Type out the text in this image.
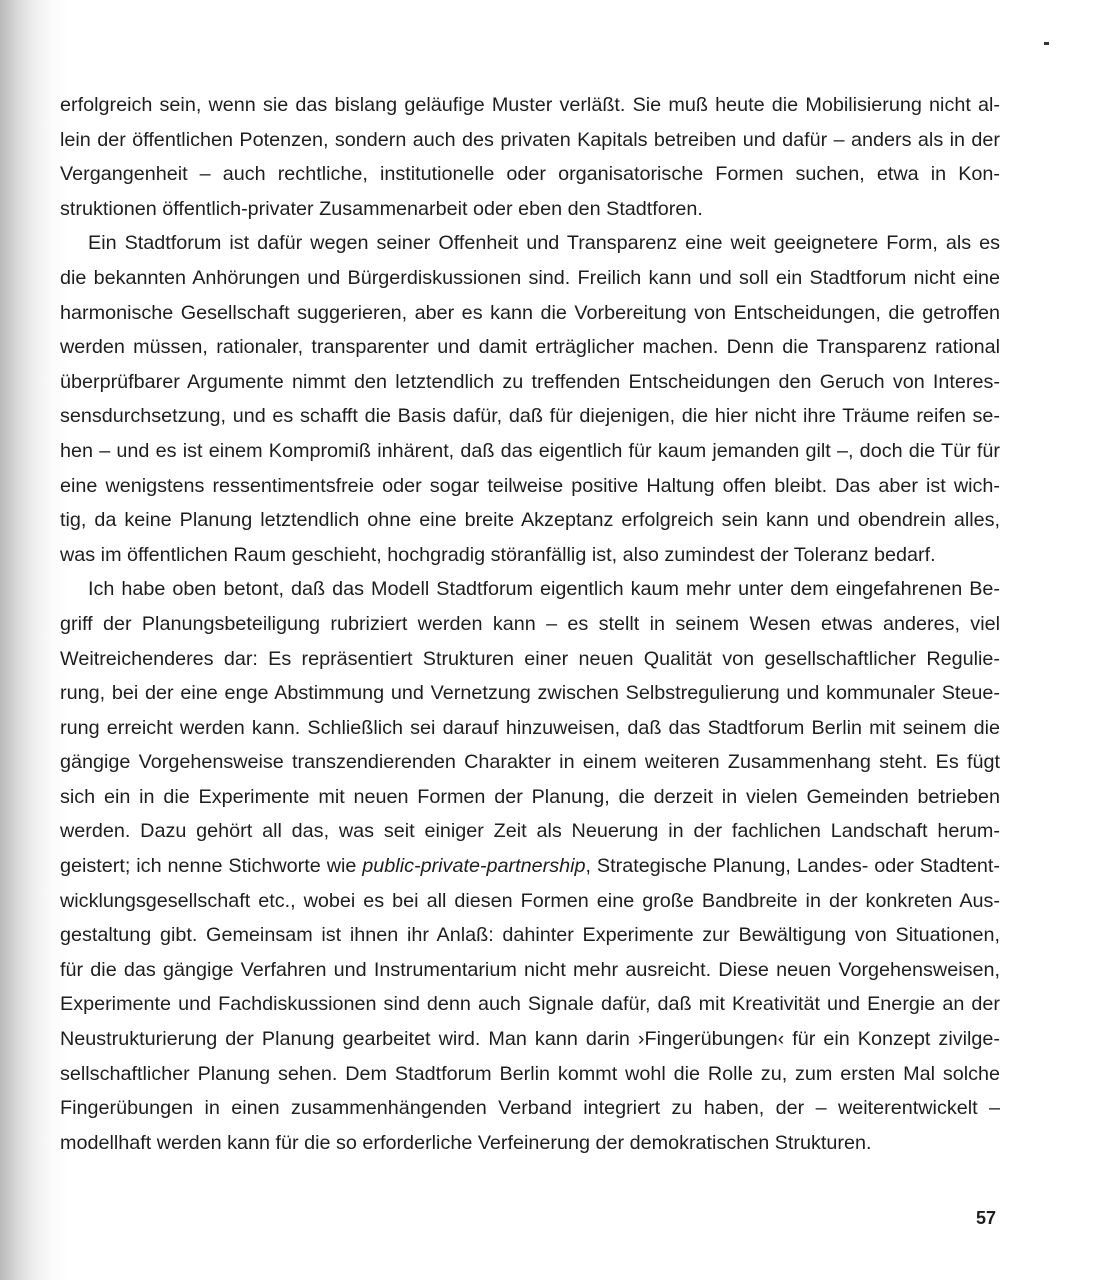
erfolgreich sein, wenn sie das bislang geläufige Muster verläßt. Sie muß heute die Mobilisierung nicht al-
lein der öffentlichen Potenzen, sondern auch des privaten Kapitals betreiben und dafür – anders als in der
Vergangenheit – auch rechtliche, institutionelle oder organisatorische Formen suchen, etwa in Kon-
struktionen öffentlich-privater Zusammenarbeit oder eben den Stadtforen.
Ein Stadtforum ist dafür wegen seiner Offenheit und Transparenz eine weit geeignetere Form, als es
die bekannten Anhörungen und Bürgerdiskussionen sind. Freilich kann und soll ein Stadtforum nicht eine
harmonische Gesellschaft suggerieren, aber es kann die Vorbereitung von Entscheidungen, die getroffen
werden müssen, rationaler, transparenter und damit erträglicher machen. Denn die Transparenz rational
überprüfbarer Argumente nimmt den letztendlich zu treffenden Entscheidungen den Geruch von Interes-
sensdurchsetzung, und es schafft die Basis dafür, daß für diejenigen, die hier nicht ihre Träume reifen se-
hen – und es ist einem Kompromiß inhärent, daß das eigentlich für kaum jemanden gilt –, doch die Tür für
eine wenigstens ressentimentsfreie oder sogar teilweise positive Haltung offen bleibt. Das aber ist wich-
tig, da keine Planung letztendlich ohne eine breite Akzeptanz erfolgreich sein kann und obendrein alles,
was im öffentlichen Raum geschieht, hochgradig störanfällig ist, also zumindest der Toleranz bedarf.
Ich habe oben betont, daß das Modell Stadtforum eigentlich kaum mehr unter dem eingefahrenen Be-
griff der Planungsbeteiligung rubriziert werden kann – es stellt in seinem Wesen etwas anderes, viel
Weitreichenderes dar: Es repräsentiert Strukturen einer neuen Qualität von gesellschaftlicher Regulie-
rung, bei der eine enge Abstimmung und Vernetzung zwischen Selbstregulierung und kommunaler Steue-
rung erreicht werden kann. Schließlich sei darauf hinzuweisen, daß das Stadtforum Berlin mit seinem die
gängige Vorgehensweise transzendierenden Charakter in einem weiteren Zusammenhang steht. Es fügt
sich ein in die Experimente mit neuen Formen der Planung, die derzeit in vielen Gemeinden betrieben
werden. Dazu gehört all das, was seit einiger Zeit als Neuerung in der fachlichen Landschaft herum-
geistert; ich nenne Stichworte wie public-private-partnership, Strategische Planung, Landes- oder Stadtent-
wicklungsgesellschaft etc., wobei es bei all diesen Formen eine große Bandbreite in der konkreten Aus-
gestaltung gibt. Gemeinsam ist ihnen ihr Anlaß: dahinter Experimente zur Bewältigung von Situationen,
für die das gängige Verfahren und Instrumentarium nicht mehr ausreicht. Diese neuen Vorgehensweisen,
Experimente und Fachdiskussionen sind denn auch Signale dafür, daß mit Kreativität und Energie an der
Neustrukturierung der Planung gearbeitet wird. Man kann darin ›Fingerübungen‹ für ein Konzept zivilge-
sellschaftlicher Planung sehen. Dem Stadtforum Berlin kommt wohl die Rolle zu, zum ersten Mal solche
Fingerübungen in einen zusammenhängenden Verband integriert zu haben, der – weiterentwickelt –
modellhaft werden kann für die so erforderliche Verfeinerung der demokratischen Strukturen.
57
